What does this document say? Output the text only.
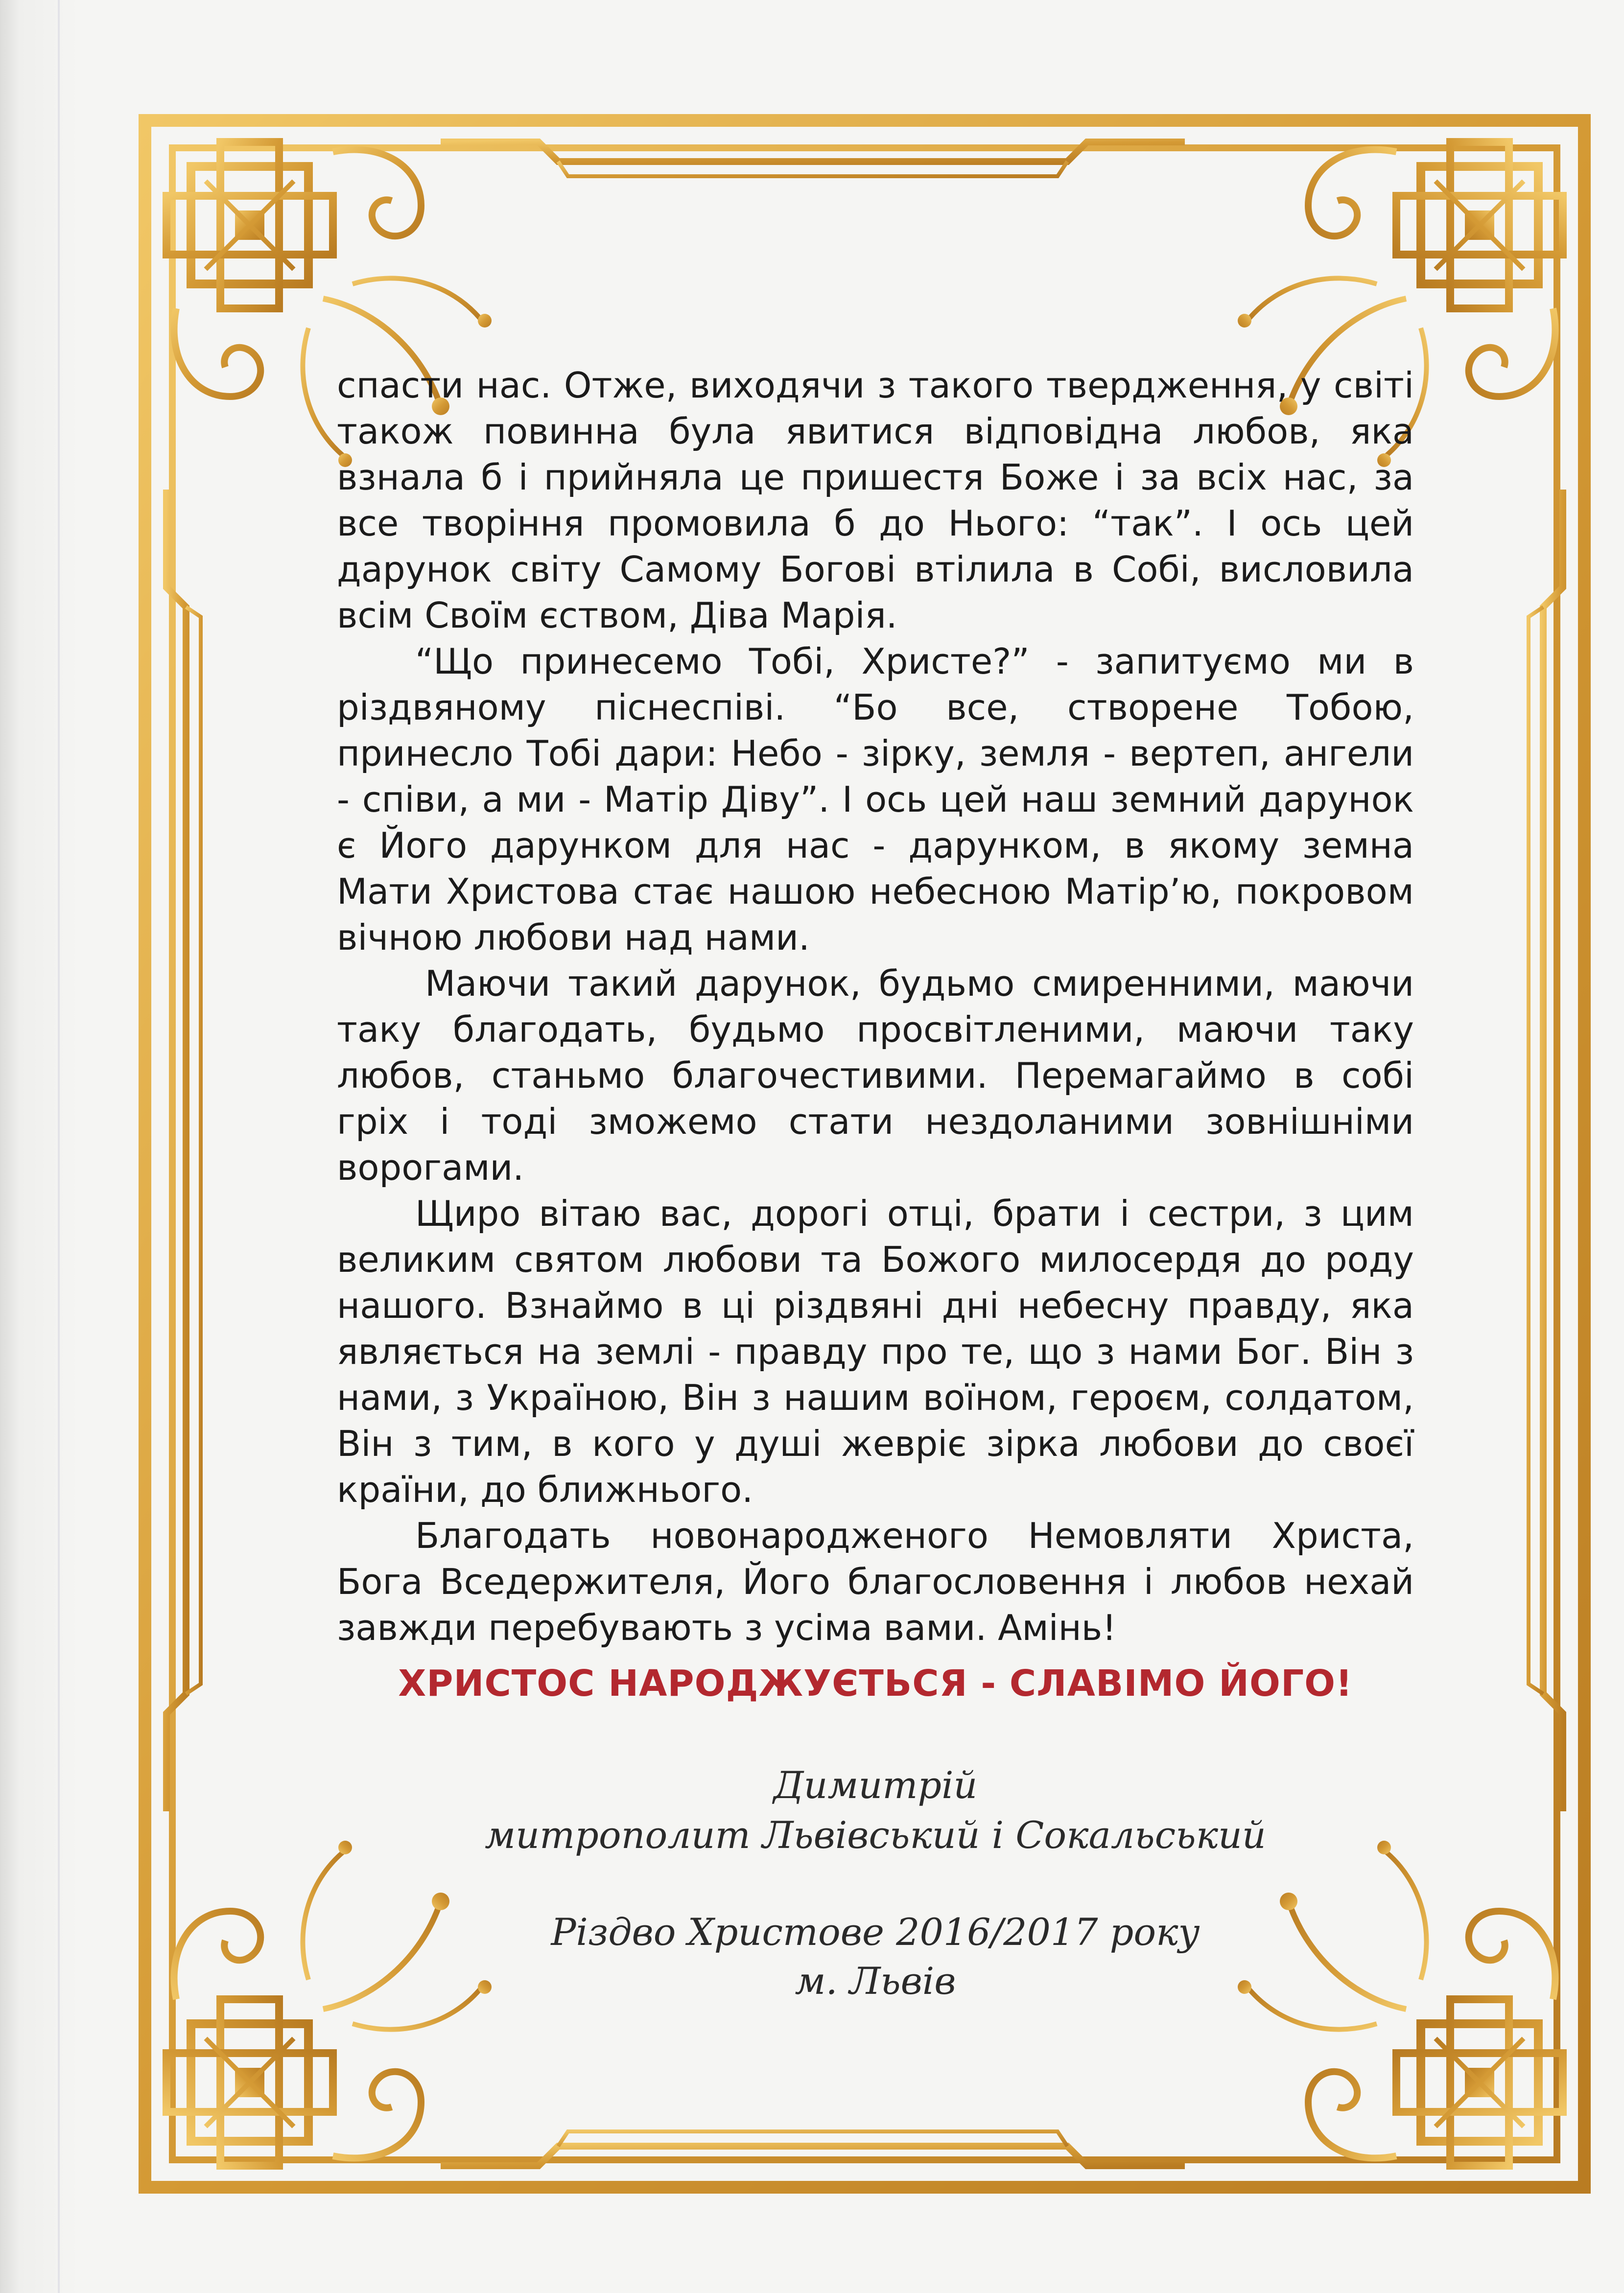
спасти нас. Отже, виходячи з такого твердження, у світі також повинна була явитися відповідна любов, яка взнала б і прийняла це пришестя Боже і за всіх нас, за все творіння промовила б до Нього: “так”. І ось цей дарунок світу Самому Богові втілила в Собі, висловила всім Своїм єством, Діва Марія.

“Що принесемо Тобі, Христе?” - запитуємо ми в різдвяному піснеспіві. “Бо все, створене Тобою, принесло Тобі дари: Небо - зірку, земля - вертеп, ангели - співи, а ми - Матір Діву”. І ось цей наш земний дарунок є Його дарунком для нас - дарунком, в якому земна Мати Христова стає нашою небесною Матір’ю, покровом вічною любови над нами.

Маючи такий дарунок, будьмо смиренними, маючи таку благодать, будьмо просвітленими, маючи таку любов, станьмо благочестивими. Перемагаймо в собі гріх і тоді зможемо стати нездоланими зовнішніми ворогами.

Щиро вітаю вас, дорогі отці, брати і сестри, з цим великим святом любови та Божого милосердя до роду нашого. Взнаймо в ці різдвяні дні небесну правду, яка являється на землі - правду про те, що з нами Бог. Він з нами, з Україною, Він з нашим воїном, героєм, солдатом, Він з тим, в кого у душі жевріє зірка любови до своєї країни, до ближнього.

Благодать новонародженого Немовляти Христа, Бога Вседержителя, Його благословення і любов нехай завжди перебувають з усіма вами. Амінь!

ХРИСТОС НАРОДЖУЄТЬСЯ - СЛАВІМО ЙОГО!
Димитрій
митрополит Львівський і Сокальський
Різдво Христове 2016/2017 року
м. Львів
